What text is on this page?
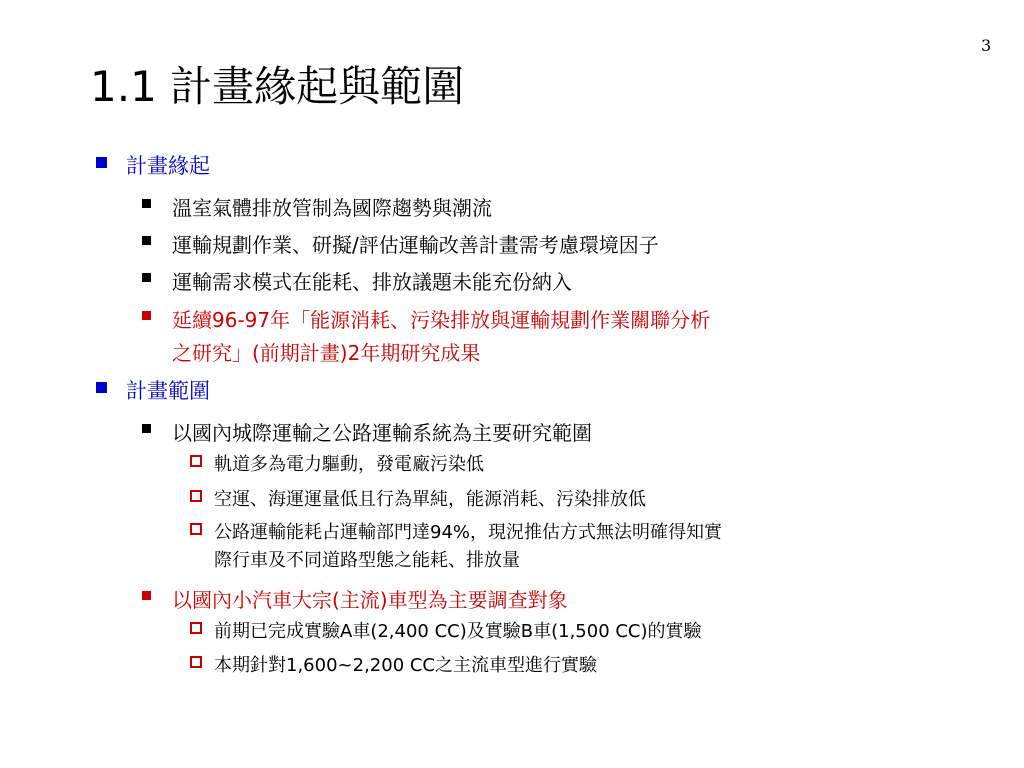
3
1.1 計畫緣起與範圍
計畫緣起
溫室氣體排放管制為國際趨勢與潮流
運輸規劃作業、研擬/評估運輸改善計畫需考慮環境因子
運輸需求模式在能耗、排放議題未能充份納入
延續96-97年「能源消耗、污染排放與運輸規劃作業關聯分析
之研究」(前期計畫)2年期研究成果
計畫範圍
以國內城際運輸之公路運輸系統為主要研究範圍
軌道多為電力驅動，發電廠污染低
空運、海運運量低且行為單純，能源消耗、污染排放低
公路運輸能耗占運輸部門達94%，現況推估方式無法明確得知實
際行車及不同道路型態之能耗、排放量
以國內小汽車大宗(主流)車型為主要調查對象
前期已完成實驗A車(2,400 CC)及實驗B車(1,500 CC)的實驗
本期針對1,600~2,200 CC之主流車型進行實驗
